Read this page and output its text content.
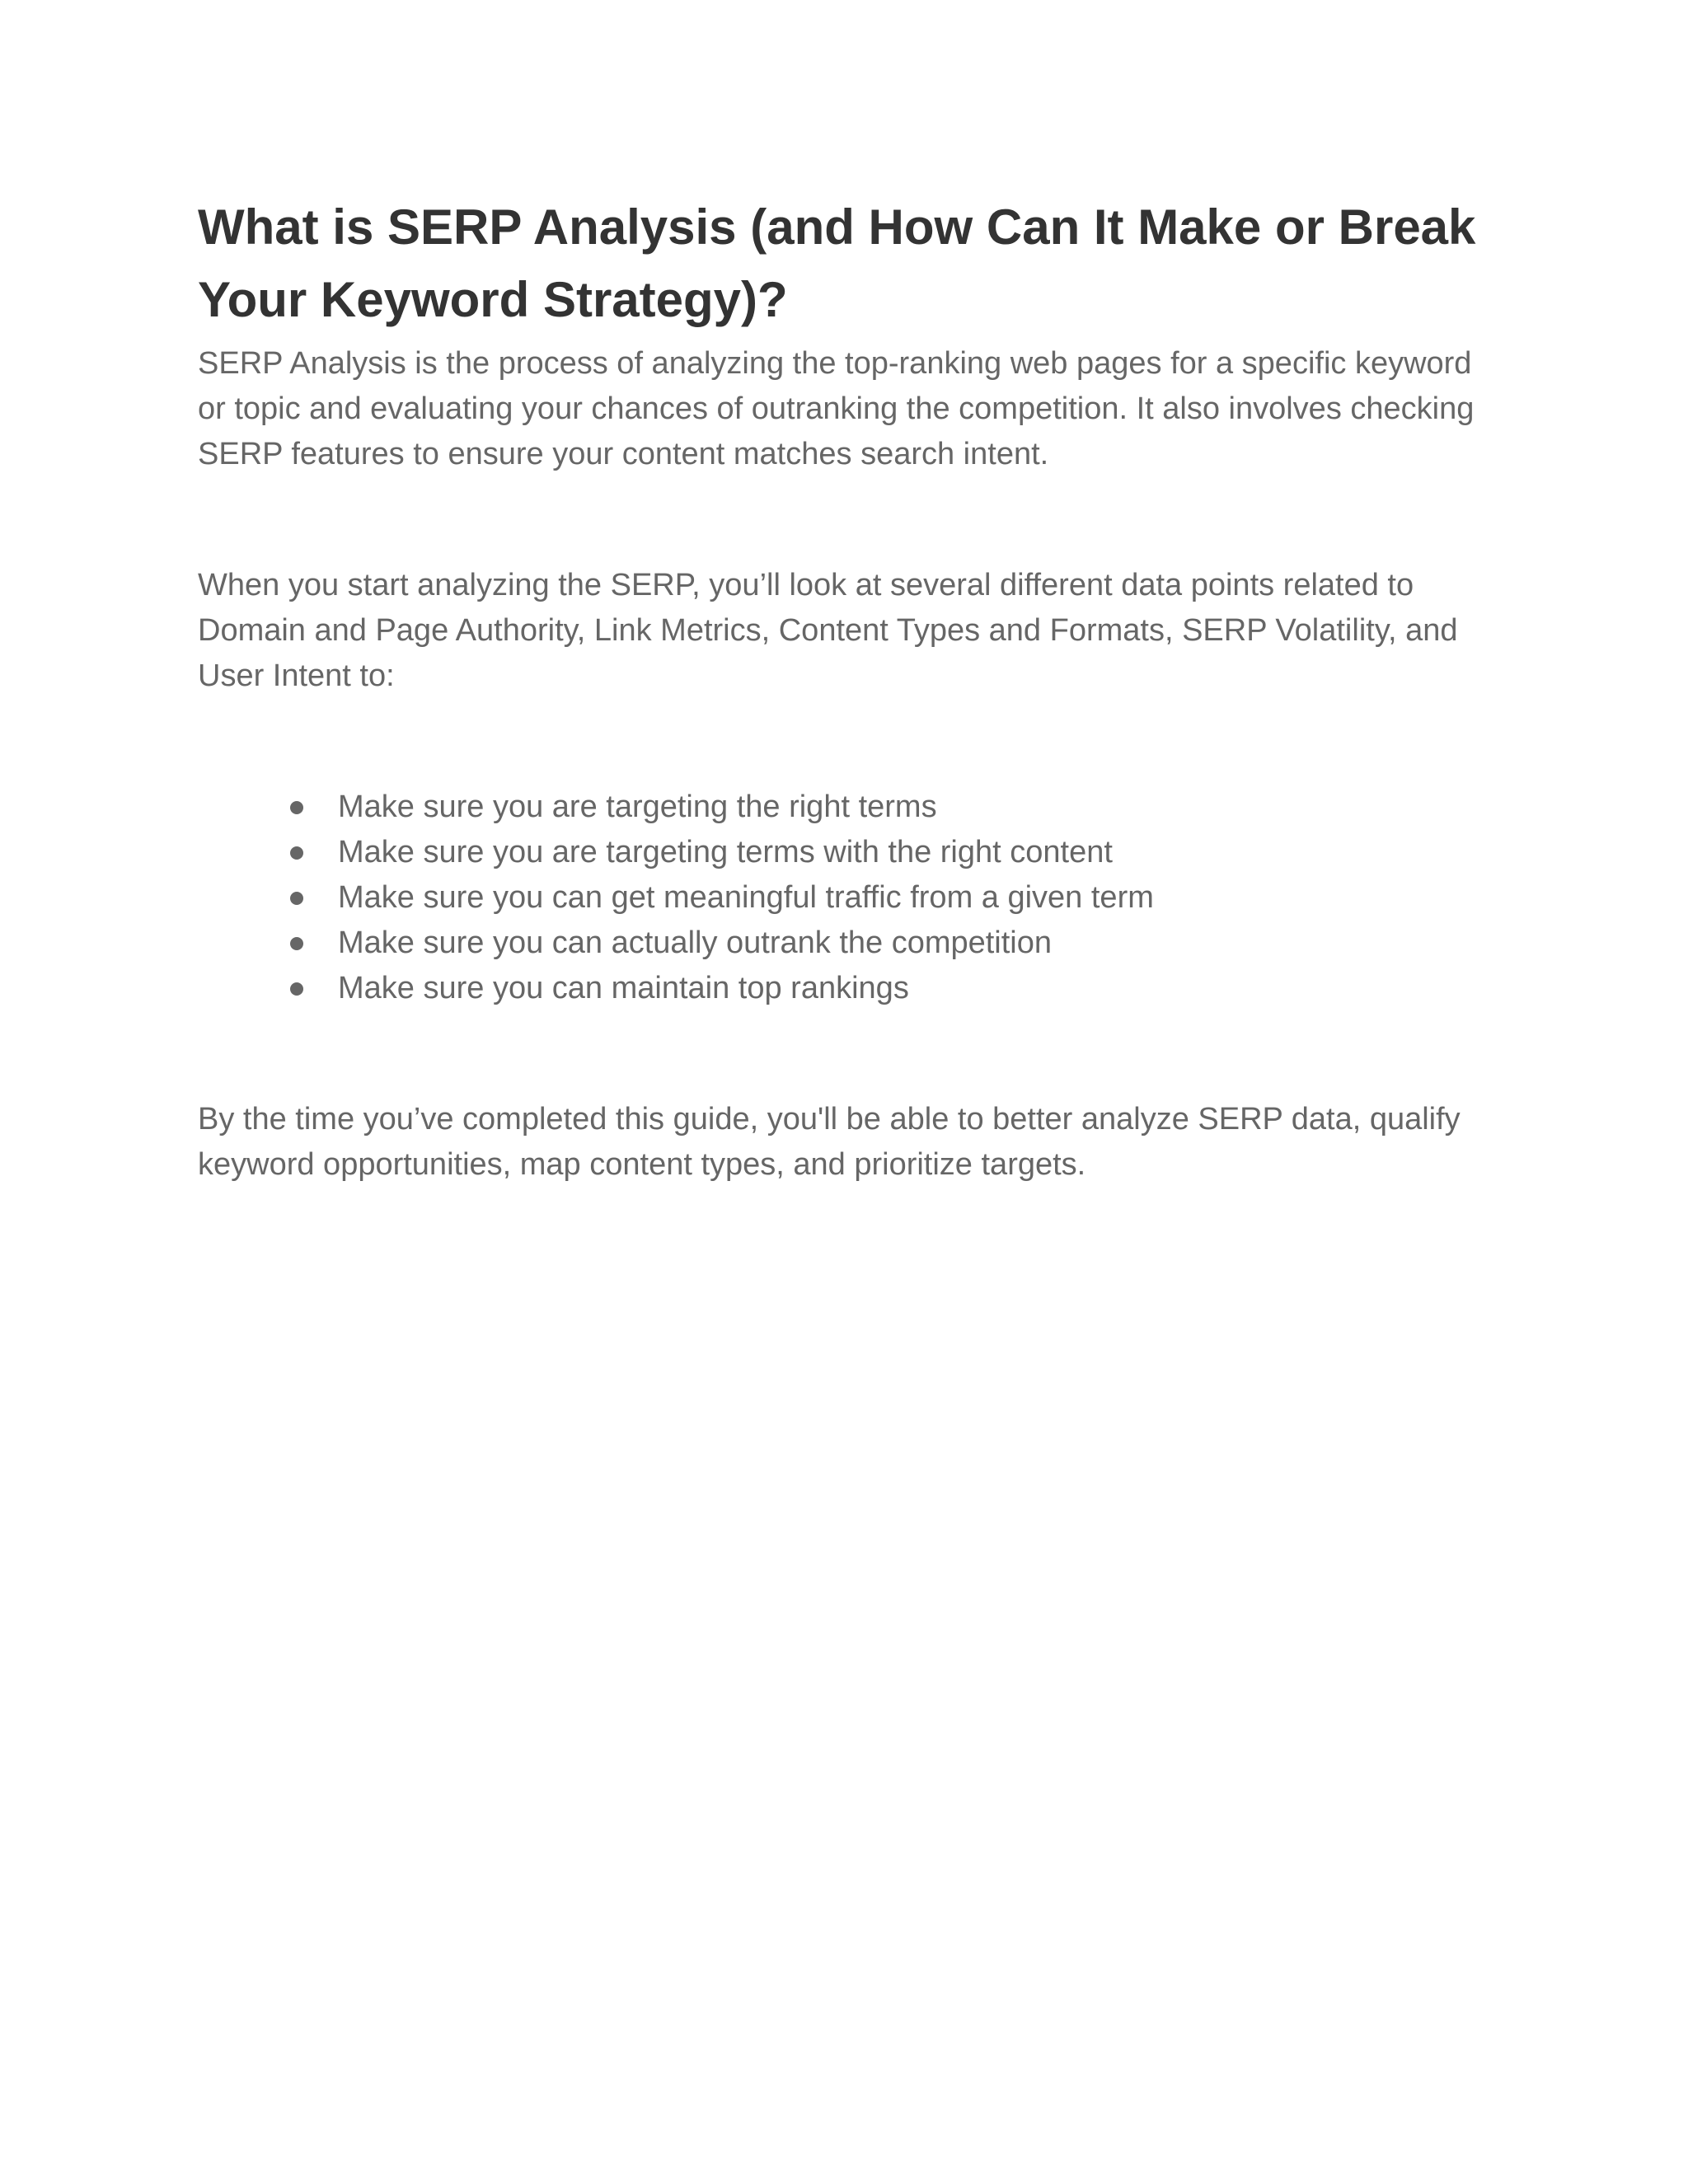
What is SERP Analysis (and How Can It Make or Break Your Keyword Strategy)?

SERP Analysis is the process of analyzing the top-ranking web pages for a specific keyword or topic and evaluating your chances of outranking the competition. It also involves checking SERP features to ensure your content matches search intent.

When you start analyzing the SERP, you’ll look at several different data points related to Domain and Page Authority, Link Metrics, Content Types and Formats, SERP Volatility, and User Intent to:

Make sure you are targeting the right terms
Make sure you are targeting terms with the right content
Make sure you can get meaningful traffic from a given term
Make sure you can actually outrank the competition
Make sure you can maintain top rankings

By the time you’ve completed this guide, you'll be able to better analyze SERP data, qualify keyword opportunities, map content types, and prioritize targets.
